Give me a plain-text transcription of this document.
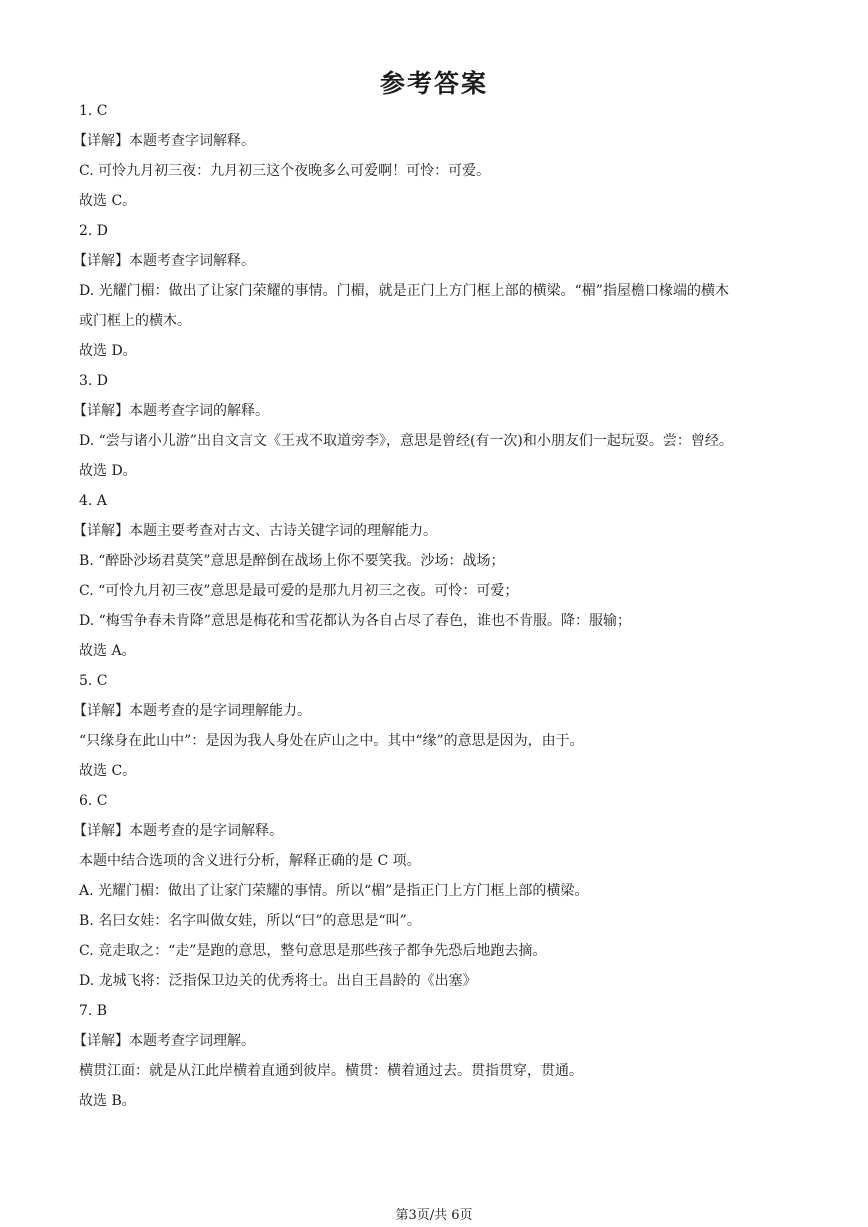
参考答案
1. C
【详解】本题考查字词解释。
C. 可怜九月初三夜：九月初三这个夜晚多么可爱啊！可怜：可爱。
故选 C。
2. D
【详解】本题考查字词解释。
D. 光耀门楣：做出了让家门荣耀的事情。门楣，就是正门上方门框上部的横梁。“楣”指屋檐口椽端的横木
或门框上的横木。
故选 D。
3. D
【详解】本题考查字词的解释。
D. “尝与诸小儿游”出自文言文《王戎不取道旁李》，意思是曾经(有一次)和小朋友们一起玩耍。尝：曾经。
故选 D。
4. A
【详解】本题主要考查对古文、古诗关键字词的理解能力。
B. “醉卧沙场君莫笑”意思是醉倒在战场上你不要笑我。沙场：战场；
C. “可怜九月初三夜”意思是最可爱的是那九月初三之夜。可怜：可爱；
D. “梅雪争春未肯降”意思是梅花和雪花都认为各自占尽了春色，谁也不肯服。降：服输；
故选 A。
5. C
【详解】本题考查的是字词理解能力。
“只缘身在此山中”：是因为我人身处在庐山之中。其中“缘”的意思是因为，由于。
故选 C。
6. C
【详解】本题考查的是字词解释。
本题中结合选项的含义进行分析，解释正确的是 C 项。
A. 光耀门楣：做出了让家门荣耀的事情。所以“楣”是指正门上方门框上部的横梁。
B. 名曰女娃：名字叫做女娃，所以“曰”的意思是“叫”。
C. 竞走取之：“走”是跑的意思，整句意思是那些孩子都争先恐后地跑去摘。
D. 龙城飞将：泛指保卫边关的优秀将士。出自王昌龄的《出塞》
7. B
【详解】本题考查字词理解。
横贯江面：就是从江此岸横着直通到彼岸。横贯：横着通过去。贯指贯穿，贯通。
故选 B。
第3页/共 6页
